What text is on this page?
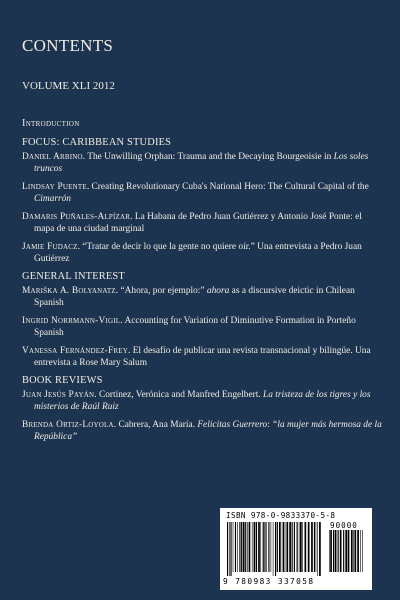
CONTENTS
VOLUME XLI 2012
Introduction
FOCUS: CARIBBEAN STUDIES
Daniel Arbino. The Unwilling Orphan: Trauma and the Decaying Bourgeoisie in Los soles truncos
Lindsay Puente. Creating Revolutionary Cuba's National Hero: The Cultural Capital of the Cimarrón
Damaris Puñales-Alpízar. La Habana de Pedro Juan Gutiérrez y Antonio José Ponte: el mapa de una ciudad marginal
Jamie Fudacz. “Tratar de decir lo que la gente no quiere oír.” Una entrevista a Pedro Juan Gutiérrez
GENERAL INTEREST
Mariška A. Bolyanatz. “Ahora, por ejemplo:” ahora as a discursive deictic in Chilean Spanish
Ingrid Norrmann-Vigil. Accounting for Variation of Diminutive Formation in Porteño Spanish
Vanessa Fernández-Frey. El desafío de publicar una revista transnacional y bilingüe. Una entrevista a Rose Mary Salum
BOOK REVIEWS
Juan Jesús Payán. Cortínez, Verónica and Manfred Engelbert. La tristeza de los tigres y los misterios de Raúl Ruiz
Brenda Ortiz-Loyola. Cabrera, Ana María. Felicitas Guerrero: “la mujer más hermosa de la República”
ISBN 978-0-9833370-5-8
90000
9 780983 337058
